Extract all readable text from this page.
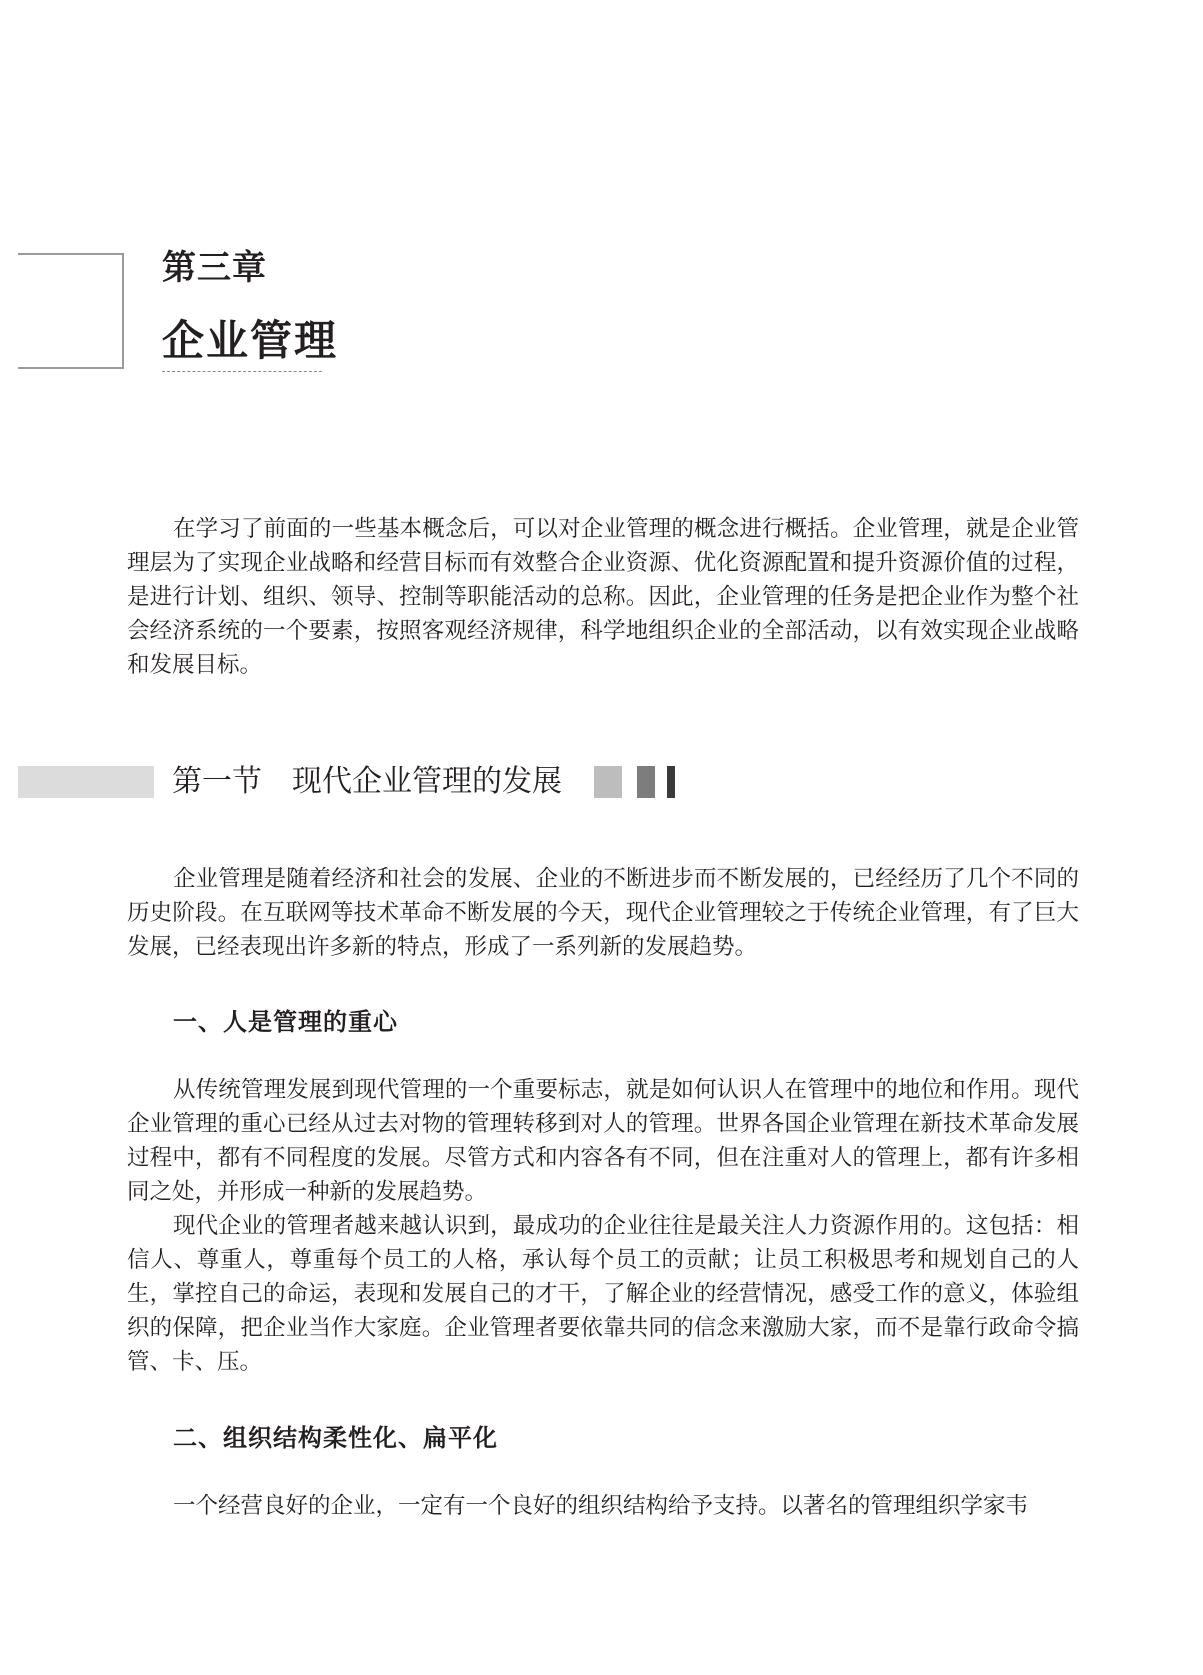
第三章
企业管理

在学习了前面的一些基本概念后，可以对企业管理的概念进行概括。企业管理，就是企业管理层为了实现企业战略和经营目标而有效整合企业资源、优化资源配置和提升资源价值的过程，是进行计划、组织、领导、控制等职能活动的总称。因此，企业管理的任务是把企业作为整个社会经济系统的一个要素，按照客观经济规律，科学地组织企业的全部活动，以有效实现企业战略和发展目标。

第一节 现代企业管理的发展

企业管理是随着经济和社会的发展、企业的不断进步而不断发展的，已经经历了几个不同的历史阶段。在互联网等技术革命不断发展的今天，现代企业管理较之于传统企业管理，有了巨大发展，已经表现出许多新的特点，形成了一系列新的发展趋势。

一、人是管理的重心

从传统管理发展到现代管理的一个重要标志，就是如何认识人在管理中的地位和作用。现代企业管理的重心已经从过去对物的管理转移到对人的管理。世界各国企业管理在新技术革命发展过程中，都有不同程度的发展。尽管方式和内容各有不同，但在注重对人的管理上，都有许多相同之处，并形成一种新的发展趋势。

现代企业的管理者越来越认识到，最成功的企业往往是最关注人力资源作用的。这包括：相信人、尊重人，尊重每个员工的人格，承认每个员工的贡献；让员工积极思考和规划自己的人生，掌控自己的命运，表现和发展自己的才干，了解企业的经营情况，感受工作的意义，体验组织的保障，把企业当作大家庭。企业管理者要依靠共同的信念来激励大家，而不是靠行政命令搞管、卡、压。

二、组织结构柔性化、扁平化

一个经营良好的企业，一定有一个良好的组织结构给予支持。以著名的管理组织学家韦
